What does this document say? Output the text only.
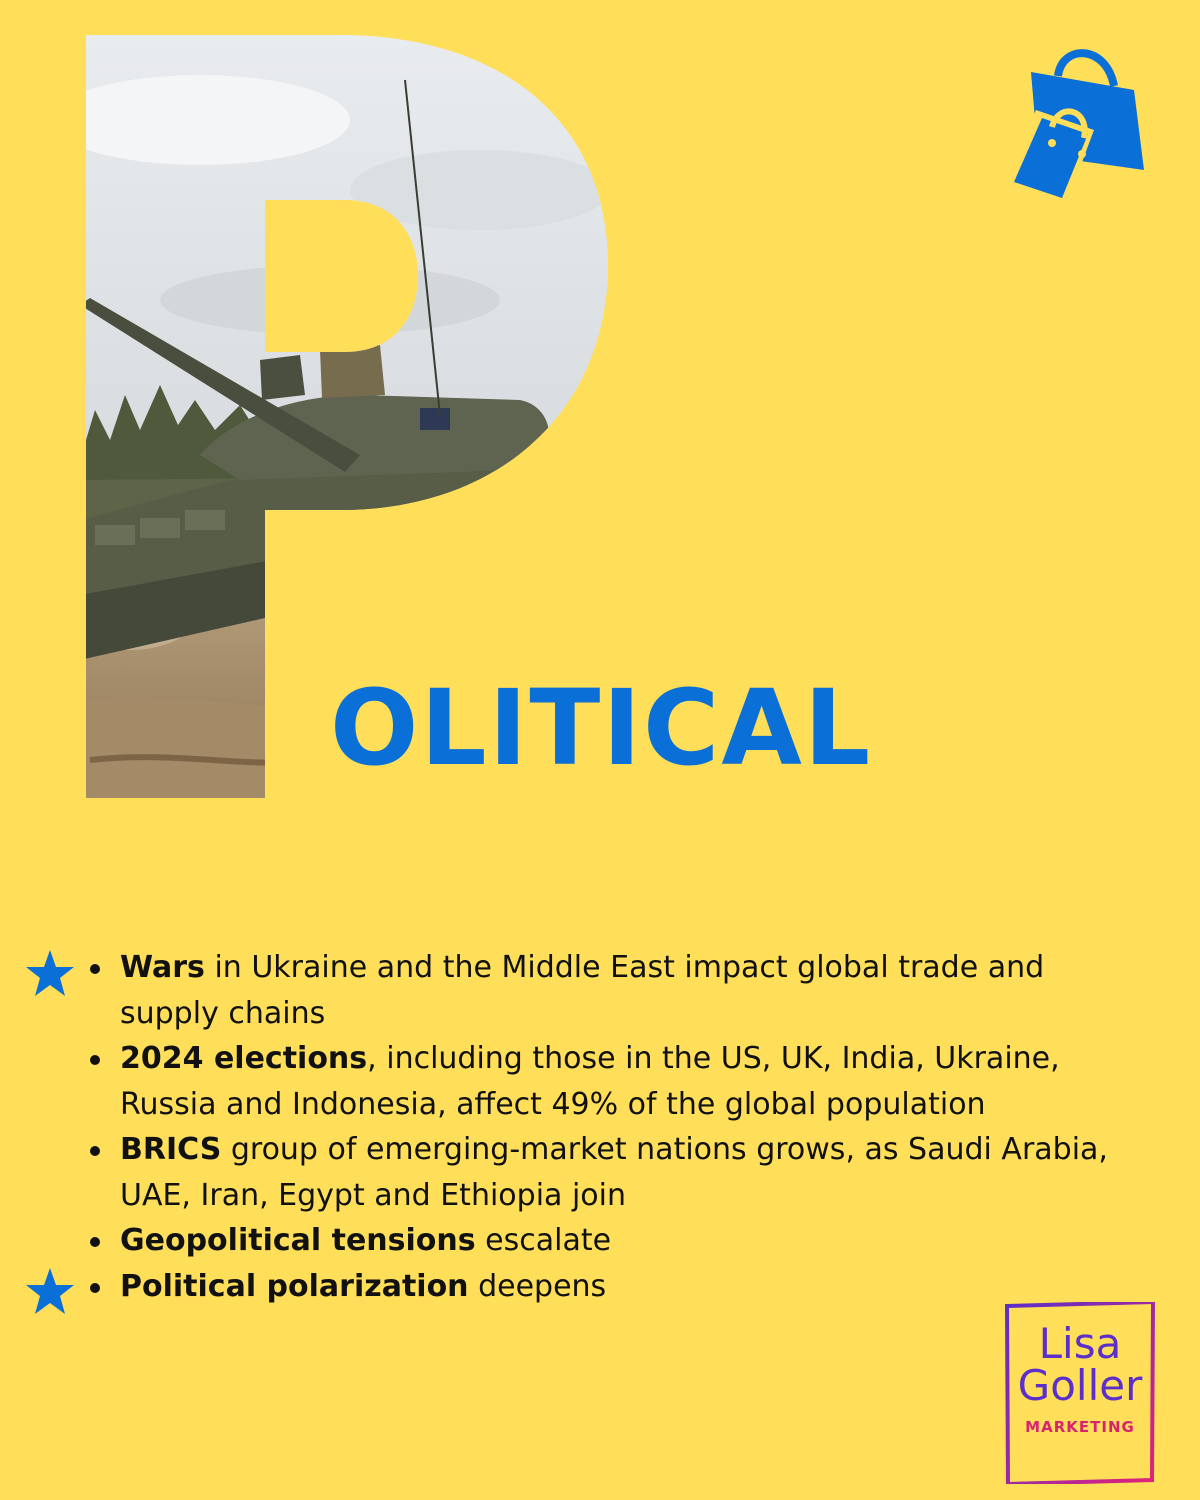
OLITICAL
Wars in Ukraine and the Middle East impact global trade and supply chains
2024 elections, including those in the US, UK, India, Ukraine, Russia and Indonesia, affect 49% of the global population
BRICS group of emerging-market nations grows, as Saudi Arabia, UAE, Iran, Egypt and Ethiopia join
Geopolitical tensions escalate
Political polarization deepens
Lisa
Goller
MARKETING
